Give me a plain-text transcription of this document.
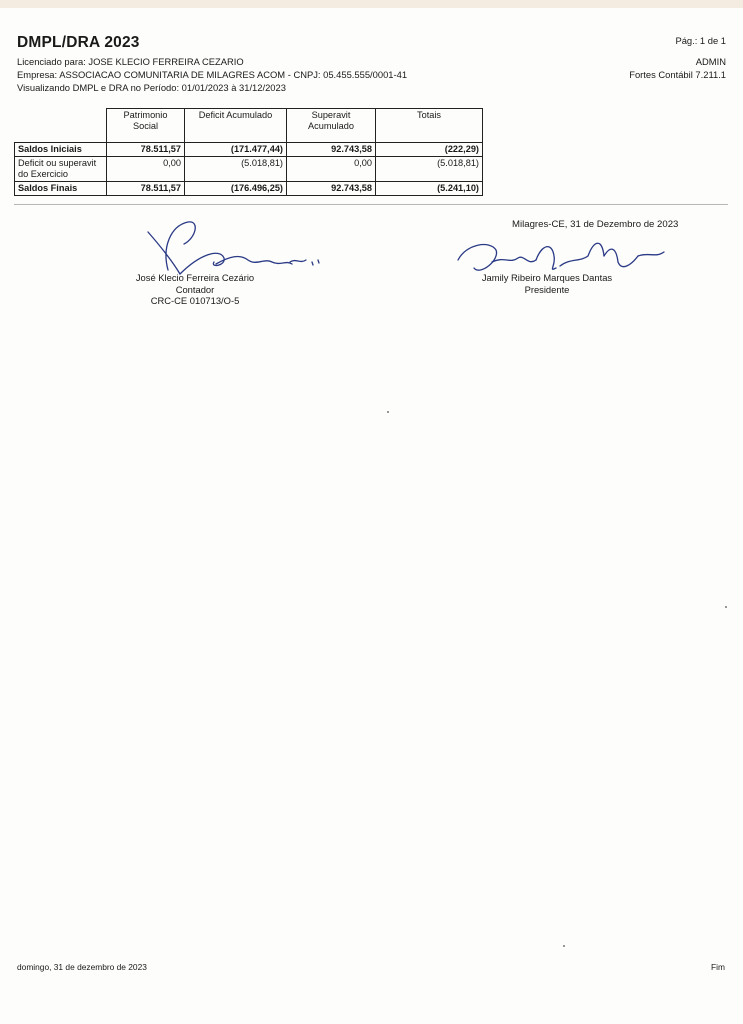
DMPL/DRA 2023
Licenciado para: JOSE KLECIO FERREIRA CEZARIO
Empresa: ASSOCIACAO COMUNITARIA DE MILAGRES ACOM - CNPJ: 05.455.555/0001-41
Visualizando DMPL e DRA no Período: 01/01/2023 à 31/12/2023
Pág.: 1 de 1
ADMIN
Fortes Contábil 7.211.1
	Patrimonio Social	Deficit Acumulado	Superavit Acumulado	Totais
Saldos Iniciais	78.511,57	(171.477,44)	92.743,58	(222,29)
Deficit ou superavit do Exercicio	0,00	(5.018,81)	0,00	(5.018,81)
Saldos Finais	78.511,57	(176.496,25)	92.743,58	(5.241,10)
Milagres-CE, 31 de Dezembro de 2023
José Klecio Ferreira Cezário
Contador
CRC-CE 010713/O-5
Jamily Ribeiro Marques Dantas
Presidente
domingo, 31 de dezembro de 2023	Fim
